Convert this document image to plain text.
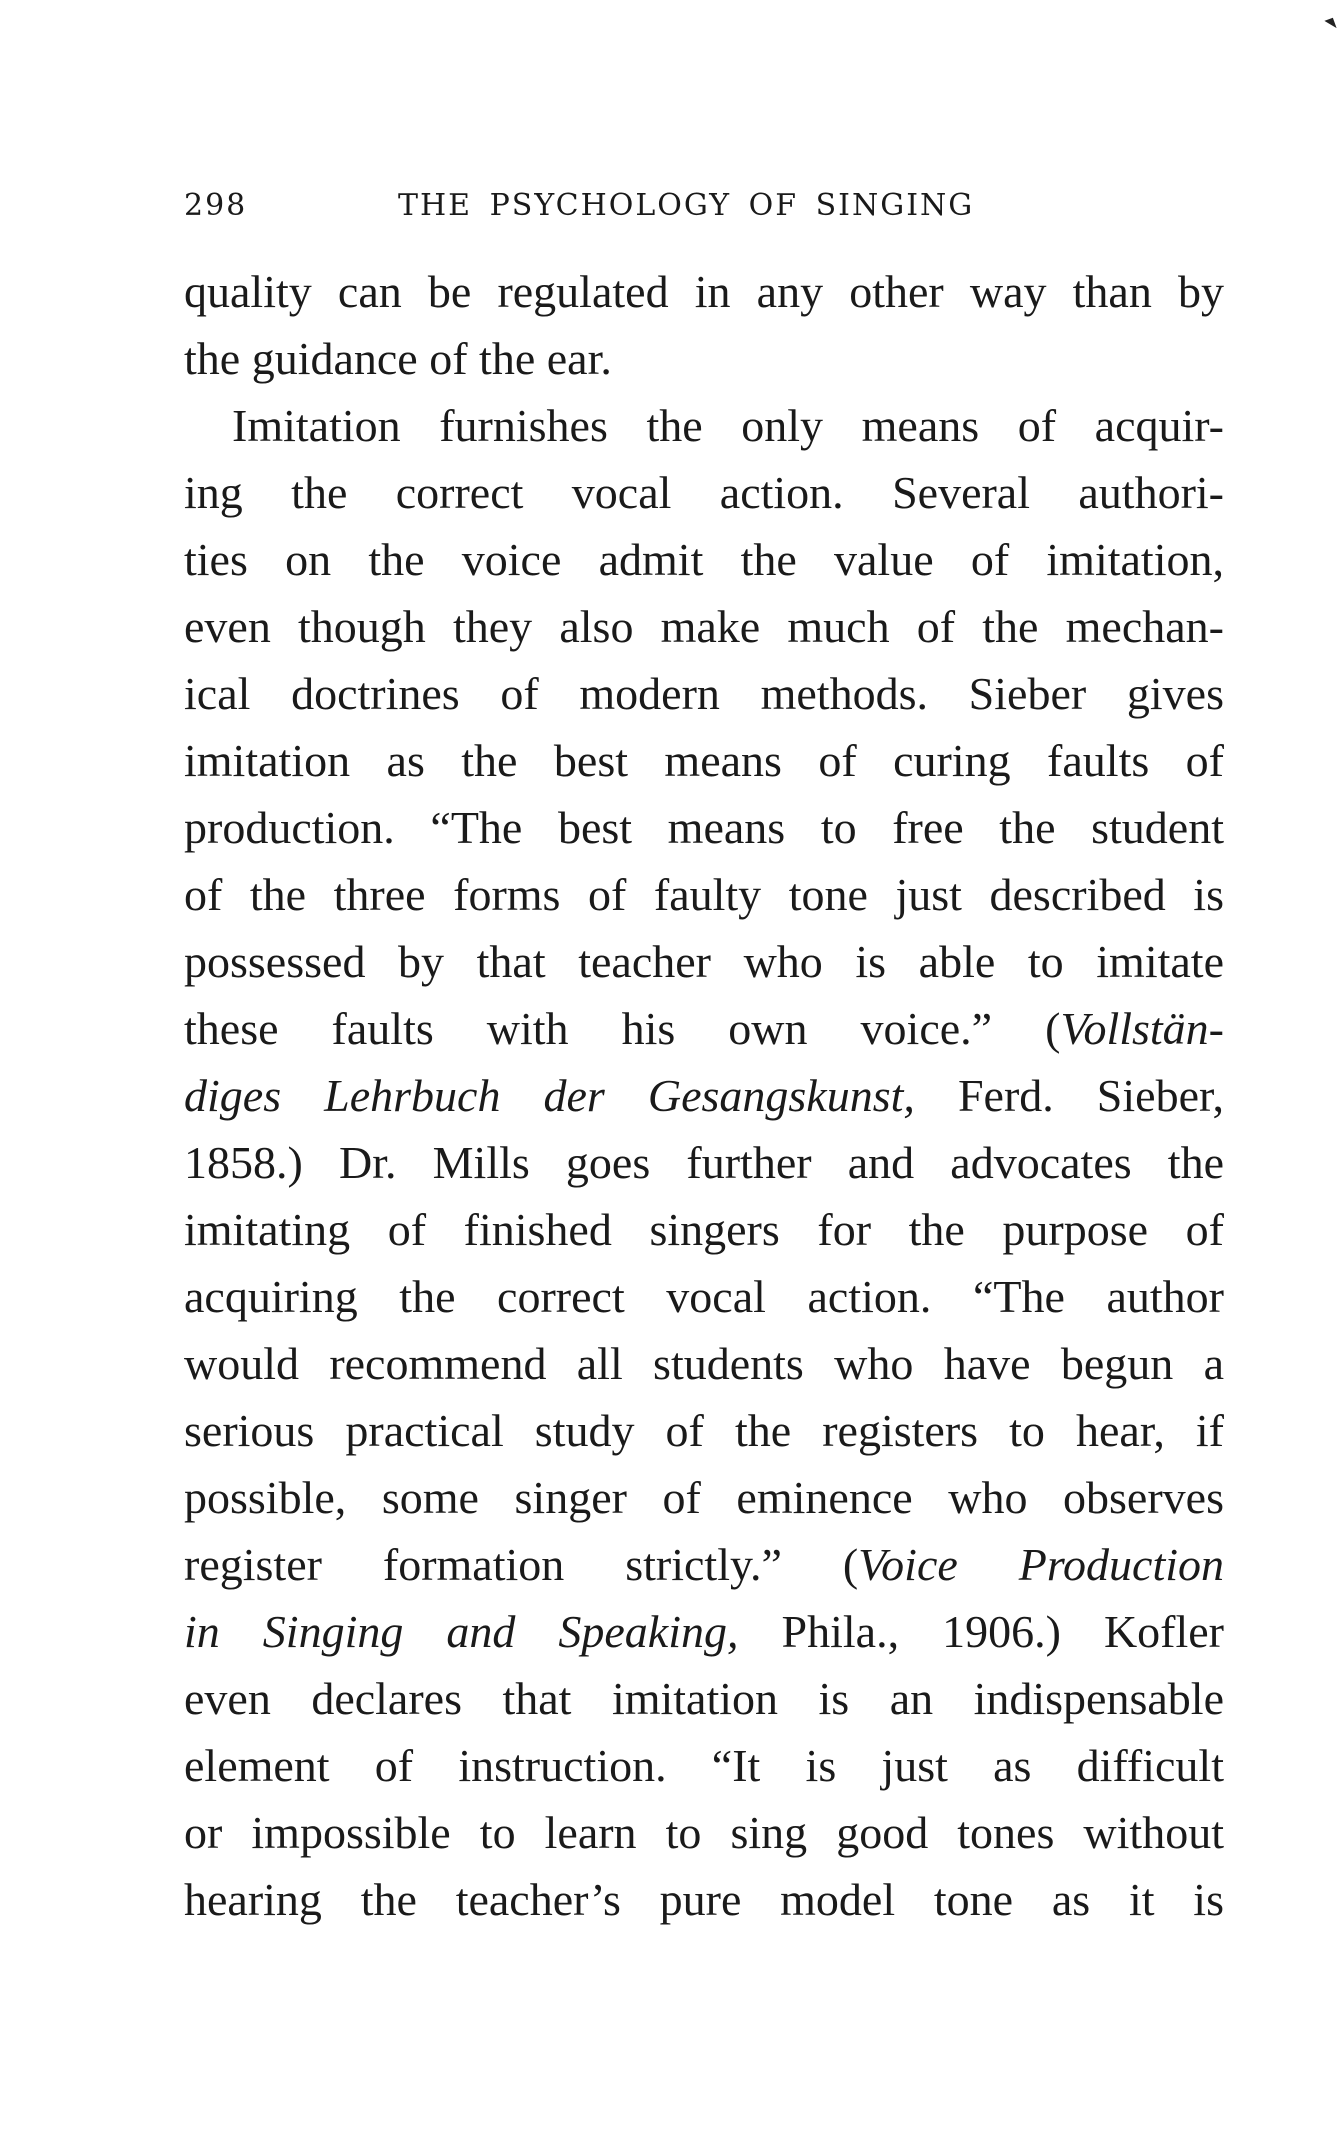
298	THE PSYCHOLOGY OF SINGING
quality can be regulated in any other way than by
the guidance of the ear.
Imitation furnishes the only means of acquir-
ing the correct vocal action. Several authori-
ties on the voice admit the value of imitation,
even though they also make much of the mechan-
ical doctrines of modern methods. Sieber gives
imitation as the best means of curing faults of
production. “The best means to free the student
of the three forms of faulty tone just described is
possessed by that teacher who is able to imitate
these faults with his own voice.” (Vollstän-
diges Lehrbuch der Gesangskunst, Ferd. Sieber,
1858.) Dr. Mills goes further and advocates the
imitating of finished singers for the purpose of
acquiring the correct vocal action. “The author
would recommend all students who have begun a
serious practical study of the registers to hear, if
possible, some singer of eminence who observes
register formation strictly.” (Voice Production
in Singing and Speaking, Phila., 1906.) Kofler
even declares that imitation is an indispensable
element of instruction. “It is just as difficult
or impossible to learn to sing good tones without
hearing the teacher’s pure model tone as it is
